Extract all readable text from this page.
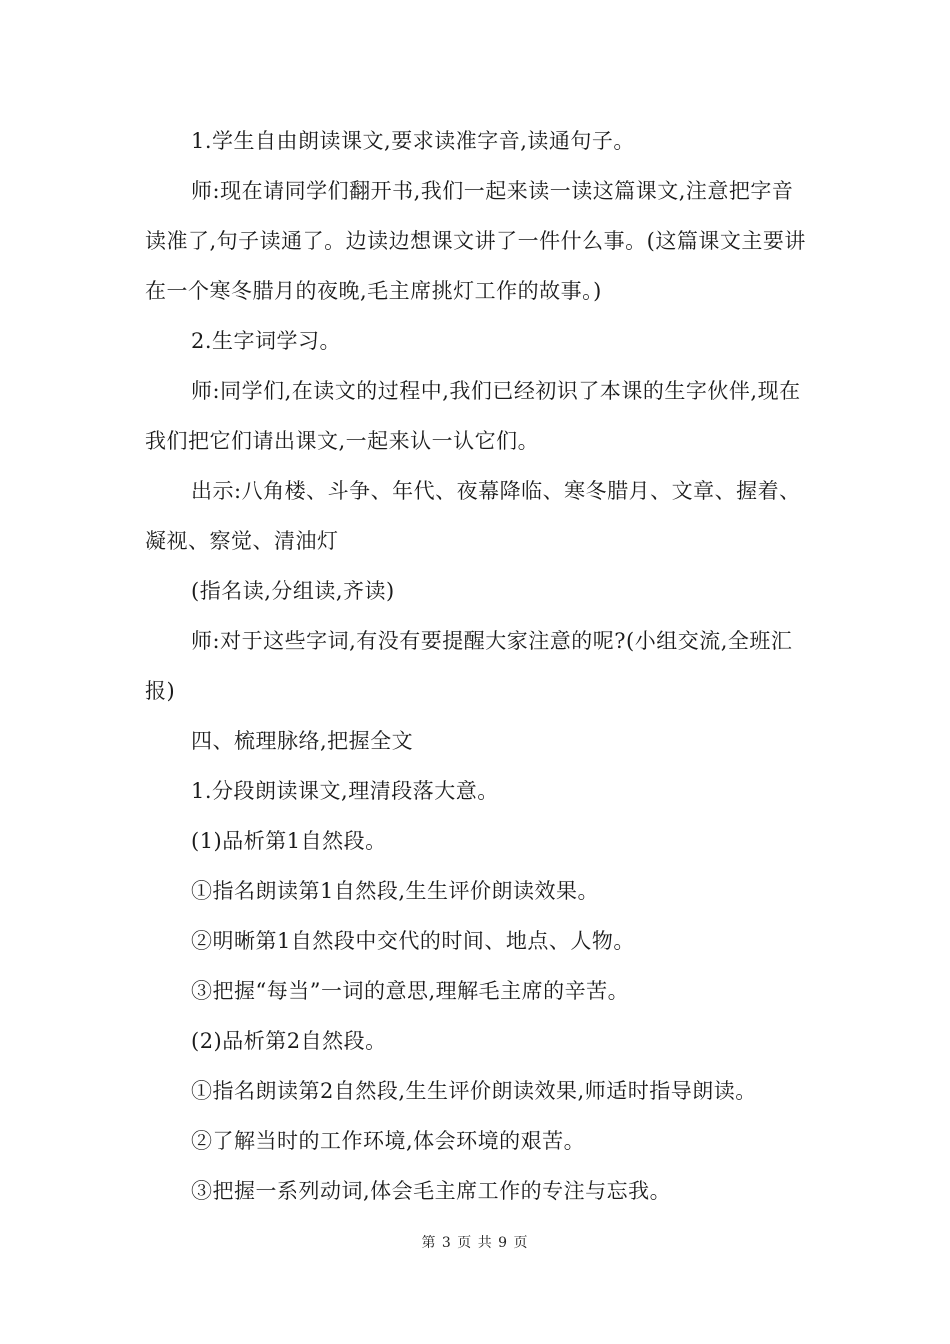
1.学生自由朗读课文,要求读准字音,读通句子。

师:现在请同学们翻开书,我们一起来读一读这篇课文,注意把字音读准了,句子读通了。边读边想课文讲了一件什么事。(这篇课文主要讲在一个寒冬腊月的夜晚,毛主席挑灯工作的故事。)

2.生字词学习。

师:同学们,在读文的过程中,我们已经初识了本课的生字伙伴,现在我们把它们请出课文,一起来认一认它们。

出示:八角楼、斗争、年代、夜幕降临、寒冬腊月、文章、握着、凝视、察觉、清油灯

(指名读,分组读,齐读)

师:对于这些字词,有没有要提醒大家注意的呢?(小组交流,全班汇报)

四、梳理脉络,把握全文

1.分段朗读课文,理清段落大意。

(1)品析第1自然段。

①指名朗读第1自然段,生生评价朗读效果。

②明晰第1自然段中交代的时间、地点、人物。

③把握“每当”一词的意思,理解毛主席的辛苦。

(2)品析第2自然段。

①指名朗读第2自然段,生生评价朗读效果,师适时指导朗读。

②了解当时的工作环境,体会环境的艰苦。

③把握一系列动词,体会毛主席工作的专注与忘我。

第 3 页 共 9 页
